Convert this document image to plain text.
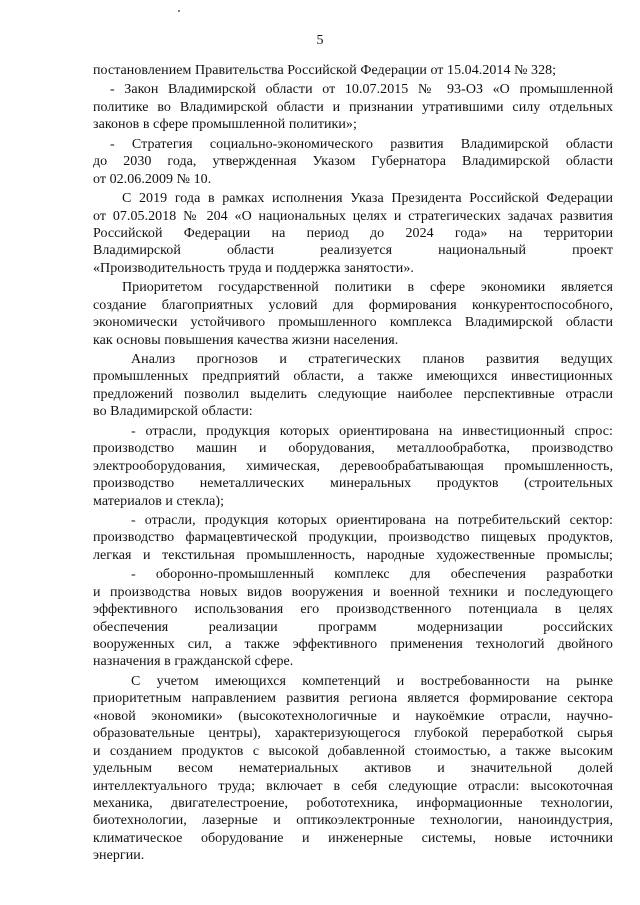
5
постановлением Правительства Российской Федерации от 15.04.2014 № 328;
- Закон Владимирской области от 10.07.2015 № 93-ОЗ «О промышленной
политике во Владимирской области и признании утратившими силу отдельных
законов в сфере промышленной политики»;
- Стратегия социально-экономического развития Владимирской области
до 2030 года, утвержденная Указом Губернатора Владимирской области
от 02.06.2009 № 10.
С 2019 года в рамках исполнения Указа Президента Российской Федерации
от 07.05.2018 № 204 «О национальных целях и стратегических задачах развития
Российской Федерации на период до 2024 года» на территории
Владимирской области реализуется национальный проект
«Производительность труда и поддержка занятости».
Приоритетом государственной политики в сфере экономики является
создание благоприятных условий для формирования конкурентоспособного,
экономически устойчивого промышленного комплекса Владимирской области
как основы повышения качества жизни населения.
Анализ прогнозов и стратегических планов развития ведущих
промышленных предприятий области, а также имеющихся инвестиционных
предложений позволил выделить следующие наиболее перспективные отрасли
во Владимирской области:
- отрасли, продукция которых ориентирована на инвестиционный спрос:
производство машин и оборудования, металлообработка, производство
электрооборудования, химическая, деревообрабатывающая промышленность,
производство неметаллических минеральных продуктов (строительных
материалов и стекла);
- отрасли, продукция которых ориентирована на потребительский сектор:
производство фармацевтической продукции, производство пищевых продуктов,
легкая и текстильная промышленность, народные художественные промыслы;
- оборонно-промышленный комплекс для обеспечения разработки
и производства новых видов вооружения и военной техники и последующего
эффективного использования его производственного потенциала в целях
обеспечения реализации программ модернизации российских
вооруженных сил, а также эффективного применения технологий двойного
назначения в гражданской сфере.
С учетом имеющихся компетенций и востребованности на рынке
приоритетным направлением развития региона является формирование сектора
«новой экономики» (высокотехнологичные и наукоёмкие отрасли, научно-
образовательные центры), характеризующегося глубокой переработкой сырья
и созданием продуктов с высокой добавленной стоимостью, а также высоким
удельным весом нематериальных активов и значительной долей
интеллектуального труда; включает в себя следующие отрасли: высокоточная
механика, двигателестроение, робототехника, информационные технологии,
биотехнологии, лазерные и оптикоэлектронные технологии, наноиндустрия,
климатическое оборудование и инженерные системы, новые источники
энергии.
